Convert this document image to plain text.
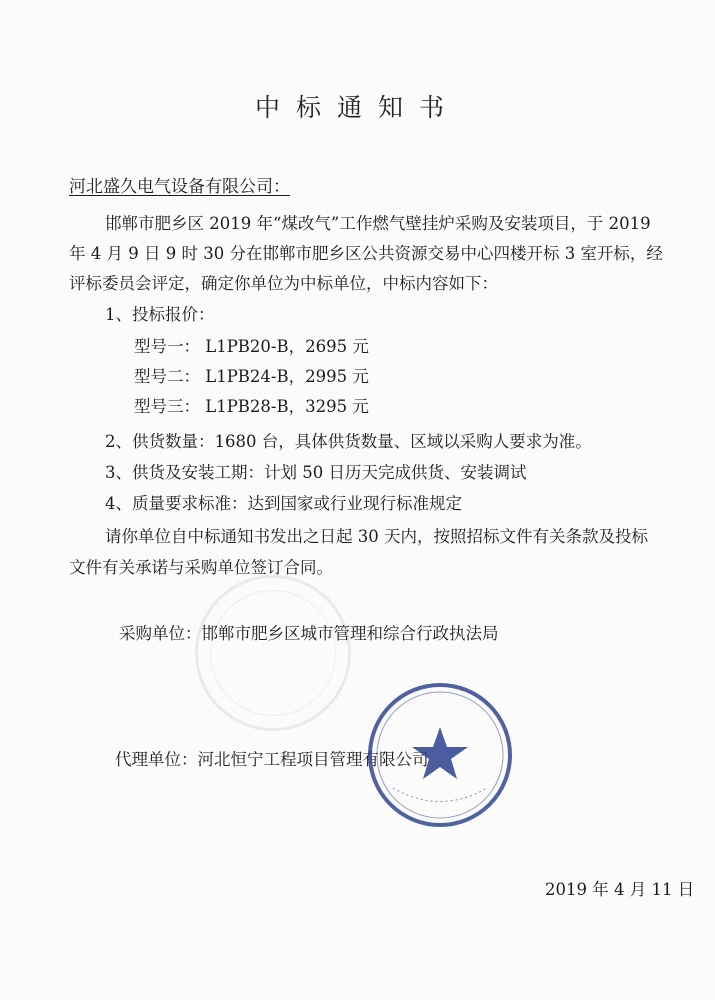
中标通知书
河北盛久电气设备有限公司：
邯郸市肥乡区 2019 年“煤改气”工作燃气壁挂炉采购及安装项目，于 2019
年 4 月 9 日 9 时 30 分在邯郸市肥乡区公共资源交易中心四楼开标 3 室开标，经
评标委员会评定，确定你单位为中标单位，中标内容如下：
1、投标报价：
型号一： L1PB20-B，2695 元
型号二： L1PB24-B，2995 元
型号三： L1PB28-B，3295 元
2、供货数量：1680 台，具体供货数量、区域以采购人要求为准。
3、供货及安装工期：计划 50 日历天完成供货、安装调试
4、质量要求标准：达到国家或行业现行标准规定
请你单位自中标通知书发出之日起 30 天内，按照招标文件有关条款及投标
文件有关承诺与采购单位签订合同。
采购单位：邯郸市肥乡区城市管理和综合行政执法局
代理单位：河北恒宁工程项目管理有限公司
2019 年 4 月 11 日
